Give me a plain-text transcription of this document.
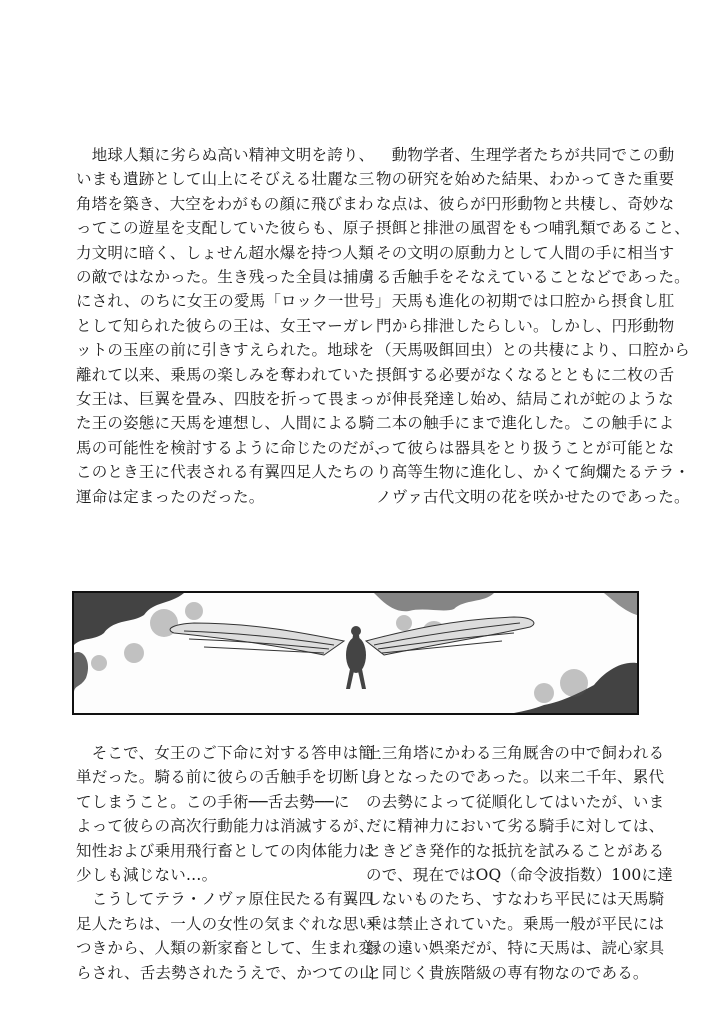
　地球人類に劣らぬ高い精神文明を誇り、

いまも遺跡として山上にそびえる壮麗な三

角塔を築き、大空をわがもの顔に飛びまわ

ってこの遊星を支配していた彼らも、原子

力文明に暗く、しょせん超水爆を持つ人類

の敵ではなかった。生き残った全員は捕虜

にされ、のちに女王の愛馬「ロック一世号」

として知られた彼らの王は、女王マーガレ

ットの玉座の前に引きすえられた。地球を

離れて以来、乗馬の楽しみを奪われていた

女王は、巨翼を畳み、四肢を折って畏まっ

た王の姿態に天馬を連想し、人間による騎

馬の可能性を検討するように命じたのだが、

このとき王に代表される有翼四足人たちの

運命は定まったのだった。

　動物学者、生理学者たちが共同でこの動

物の研究を始めた結果、わかってきた重要

な点は、彼らが円形動物と共棲し、奇妙な

摂餌と排泄の風習をもつ哺乳類であること、

その文明の原動力として人間の手に相当す

る舌触手をそなえていることなどであった。

　天馬も進化の初期では口腔から摂食し肛

門から排泄したらしい。しかし、円形動物

（天馬吸餌回虫）との共棲により、口腔から

摂餌する必要がなくなるとともに二枚の舌

が伸長発達し始め、結局これが蛇のような

二本の触手にまで進化した。この触手によ

って彼らは器具をとり扱うことが可能とな

り高等生物に進化し、かくて絢爛たるテラ・

ノヴァ古代文明の花を咲かせたのであった。

　そこで、女王のご下命に対する答申は簡

単だった。騎る前に彼らの舌触手を切断し

てしまうこと。この手術──舌去勢──に

よって彼らの高次行動能力は消滅するが、

知性および乗用飛行畜としての肉体能力は

少しも減じない…。

　こうしてテラ・ノヴァ原住民たる有翼四

足人たちは、一人の女性の気まぐれな思い

つきから、人類の新家畜として、生まれ変

らされ、舌去勢されたうえで、かつての山

上三角塔にかわる三角厩舎の中で飼われる

身となったのであった。以来二千年、累代

の去勢によって従順化してはいたが、いま

だに精神力において劣る騎手に対しては、

ときどき発作的な抵抗を試みることがある

ので、現在ではOQ（命令波指数）100に達

しないものたち、すなわち平民には天馬騎

乗は禁止されていた。乗馬一般が平民には

縁の遠い娯楽だが、特に天馬は、読心家具

と同じく貴族階級の専有物なのである。
